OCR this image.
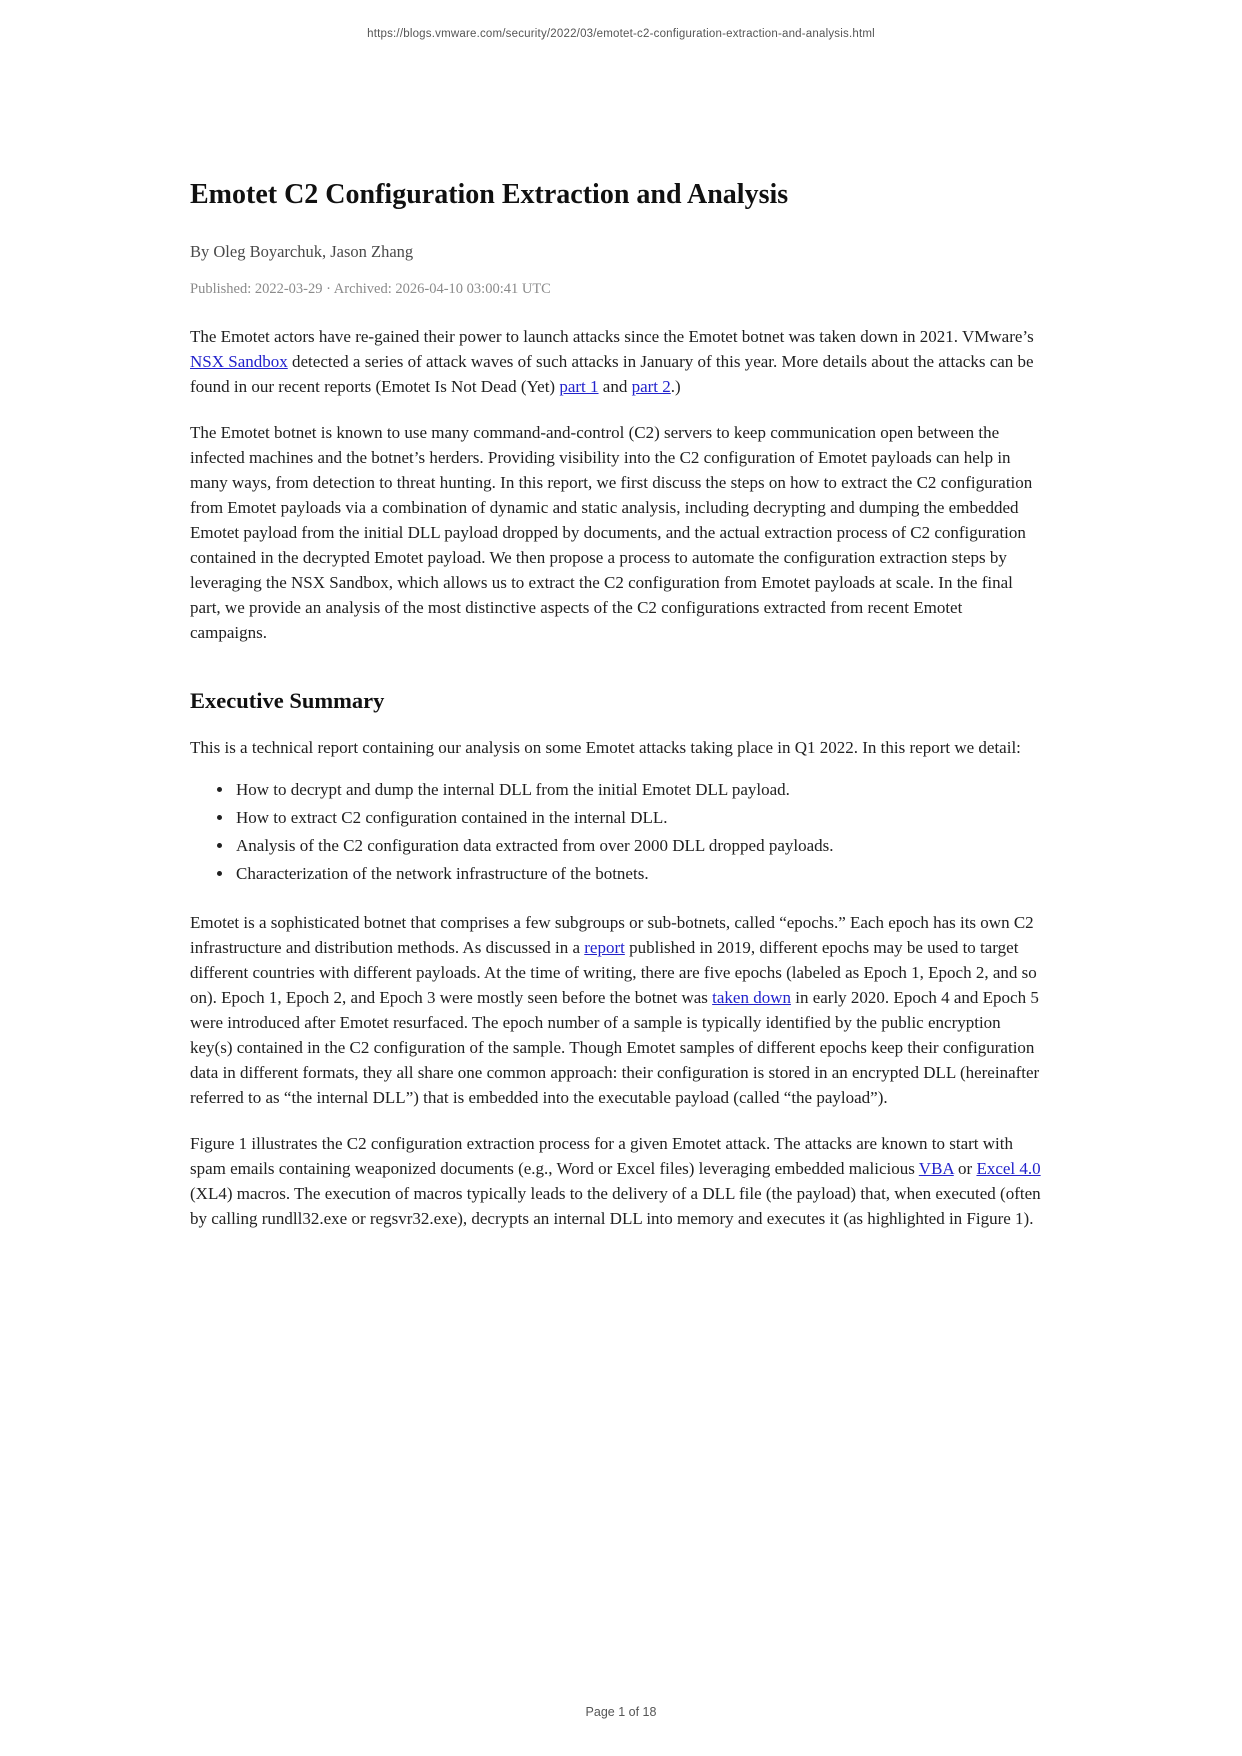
https://blogs.vmware.com/security/2022/03/emotet-c2-configuration-extraction-and-analysis.html
Emotet C2 Configuration Extraction and Analysis

By Oleg Boyarchuk, Jason Zhang

Published: 2022-03-29 · Archived: 2026-04-10 03:00:41 UTC

The Emotet actors have re-gained their power to launch attacks since the Emotet botnet was taken down in 2021. VMware’s NSX Sandbox detected a series of attack waves of such attacks in January of this year. More details about the attacks can be found in our recent reports (Emotet Is Not Dead (Yet) part 1 and part 2.)

The Emotet botnet is known to use many command-and-control (C2) servers to keep communication open between the infected machines and the botnet’s herders. Providing visibility into the C2 configuration of Emotet payloads can help in many ways, from detection to threat hunting. In this report, we first discuss the steps on how to extract the C2 configuration from Emotet payloads via a combination of dynamic and static analysis, including decrypting and dumping the embedded Emotet payload from the initial DLL payload dropped by documents, and the actual extraction process of C2 configuration contained in the decrypted Emotet payload. We then propose a process to automate the configuration extraction steps by leveraging the NSX Sandbox, which allows us to extract the C2 configuration from Emotet payloads at scale. In the final part, we provide an analysis of the most distinctive aspects of the C2 configurations extracted from recent Emotet campaigns.

Executive Summary

This is a technical report containing our analysis on some Emotet attacks taking place in Q1 2022. In this report we detail:

• How to decrypt and dump the internal DLL from the initial Emotet DLL payload.
• How to extract C2 configuration contained in the internal DLL.
• Analysis of the C2 configuration data extracted from over 2000 DLL dropped payloads.
• Characterization of the network infrastructure of the botnets.

Emotet is a sophisticated botnet that comprises a few subgroups or sub-botnets, called “epochs.” Each epoch has its own C2 infrastructure and distribution methods. As discussed in a report published in 2019, different epochs may be used to target different countries with different payloads. At the time of writing, there are five epochs (labeled as Epoch 1, Epoch 2, and so on). Epoch 1, Epoch 2, and Epoch 3 were mostly seen before the botnet was taken down in early 2020. Epoch 4 and Epoch 5 were introduced after Emotet resurfaced. The epoch number of a sample is typically identified by the public encryption key(s) contained in the C2 configuration of the sample. Though Emotet samples of different epochs keep their configuration data in different formats, they all share one common approach: their configuration is stored in an encrypted DLL (hereinafter referred to as “the internal DLL”) that is embedded into the executable payload (called “the payload”).

Figure 1 illustrates the C2 configuration extraction process for a given Emotet attack. The attacks are known to start with spam emails containing weaponized documents (e.g., Word or Excel files) leveraging embedded malicious VBA or Excel 4.0 (XL4) macros. The execution of macros typically leads to the delivery of a DLL file (the payload) that, when executed (often by calling rundll32.exe or regsvr32.exe), decrypts an internal DLL into memory and executes it (as highlighted in Figure 1).

Page 1 of 18
